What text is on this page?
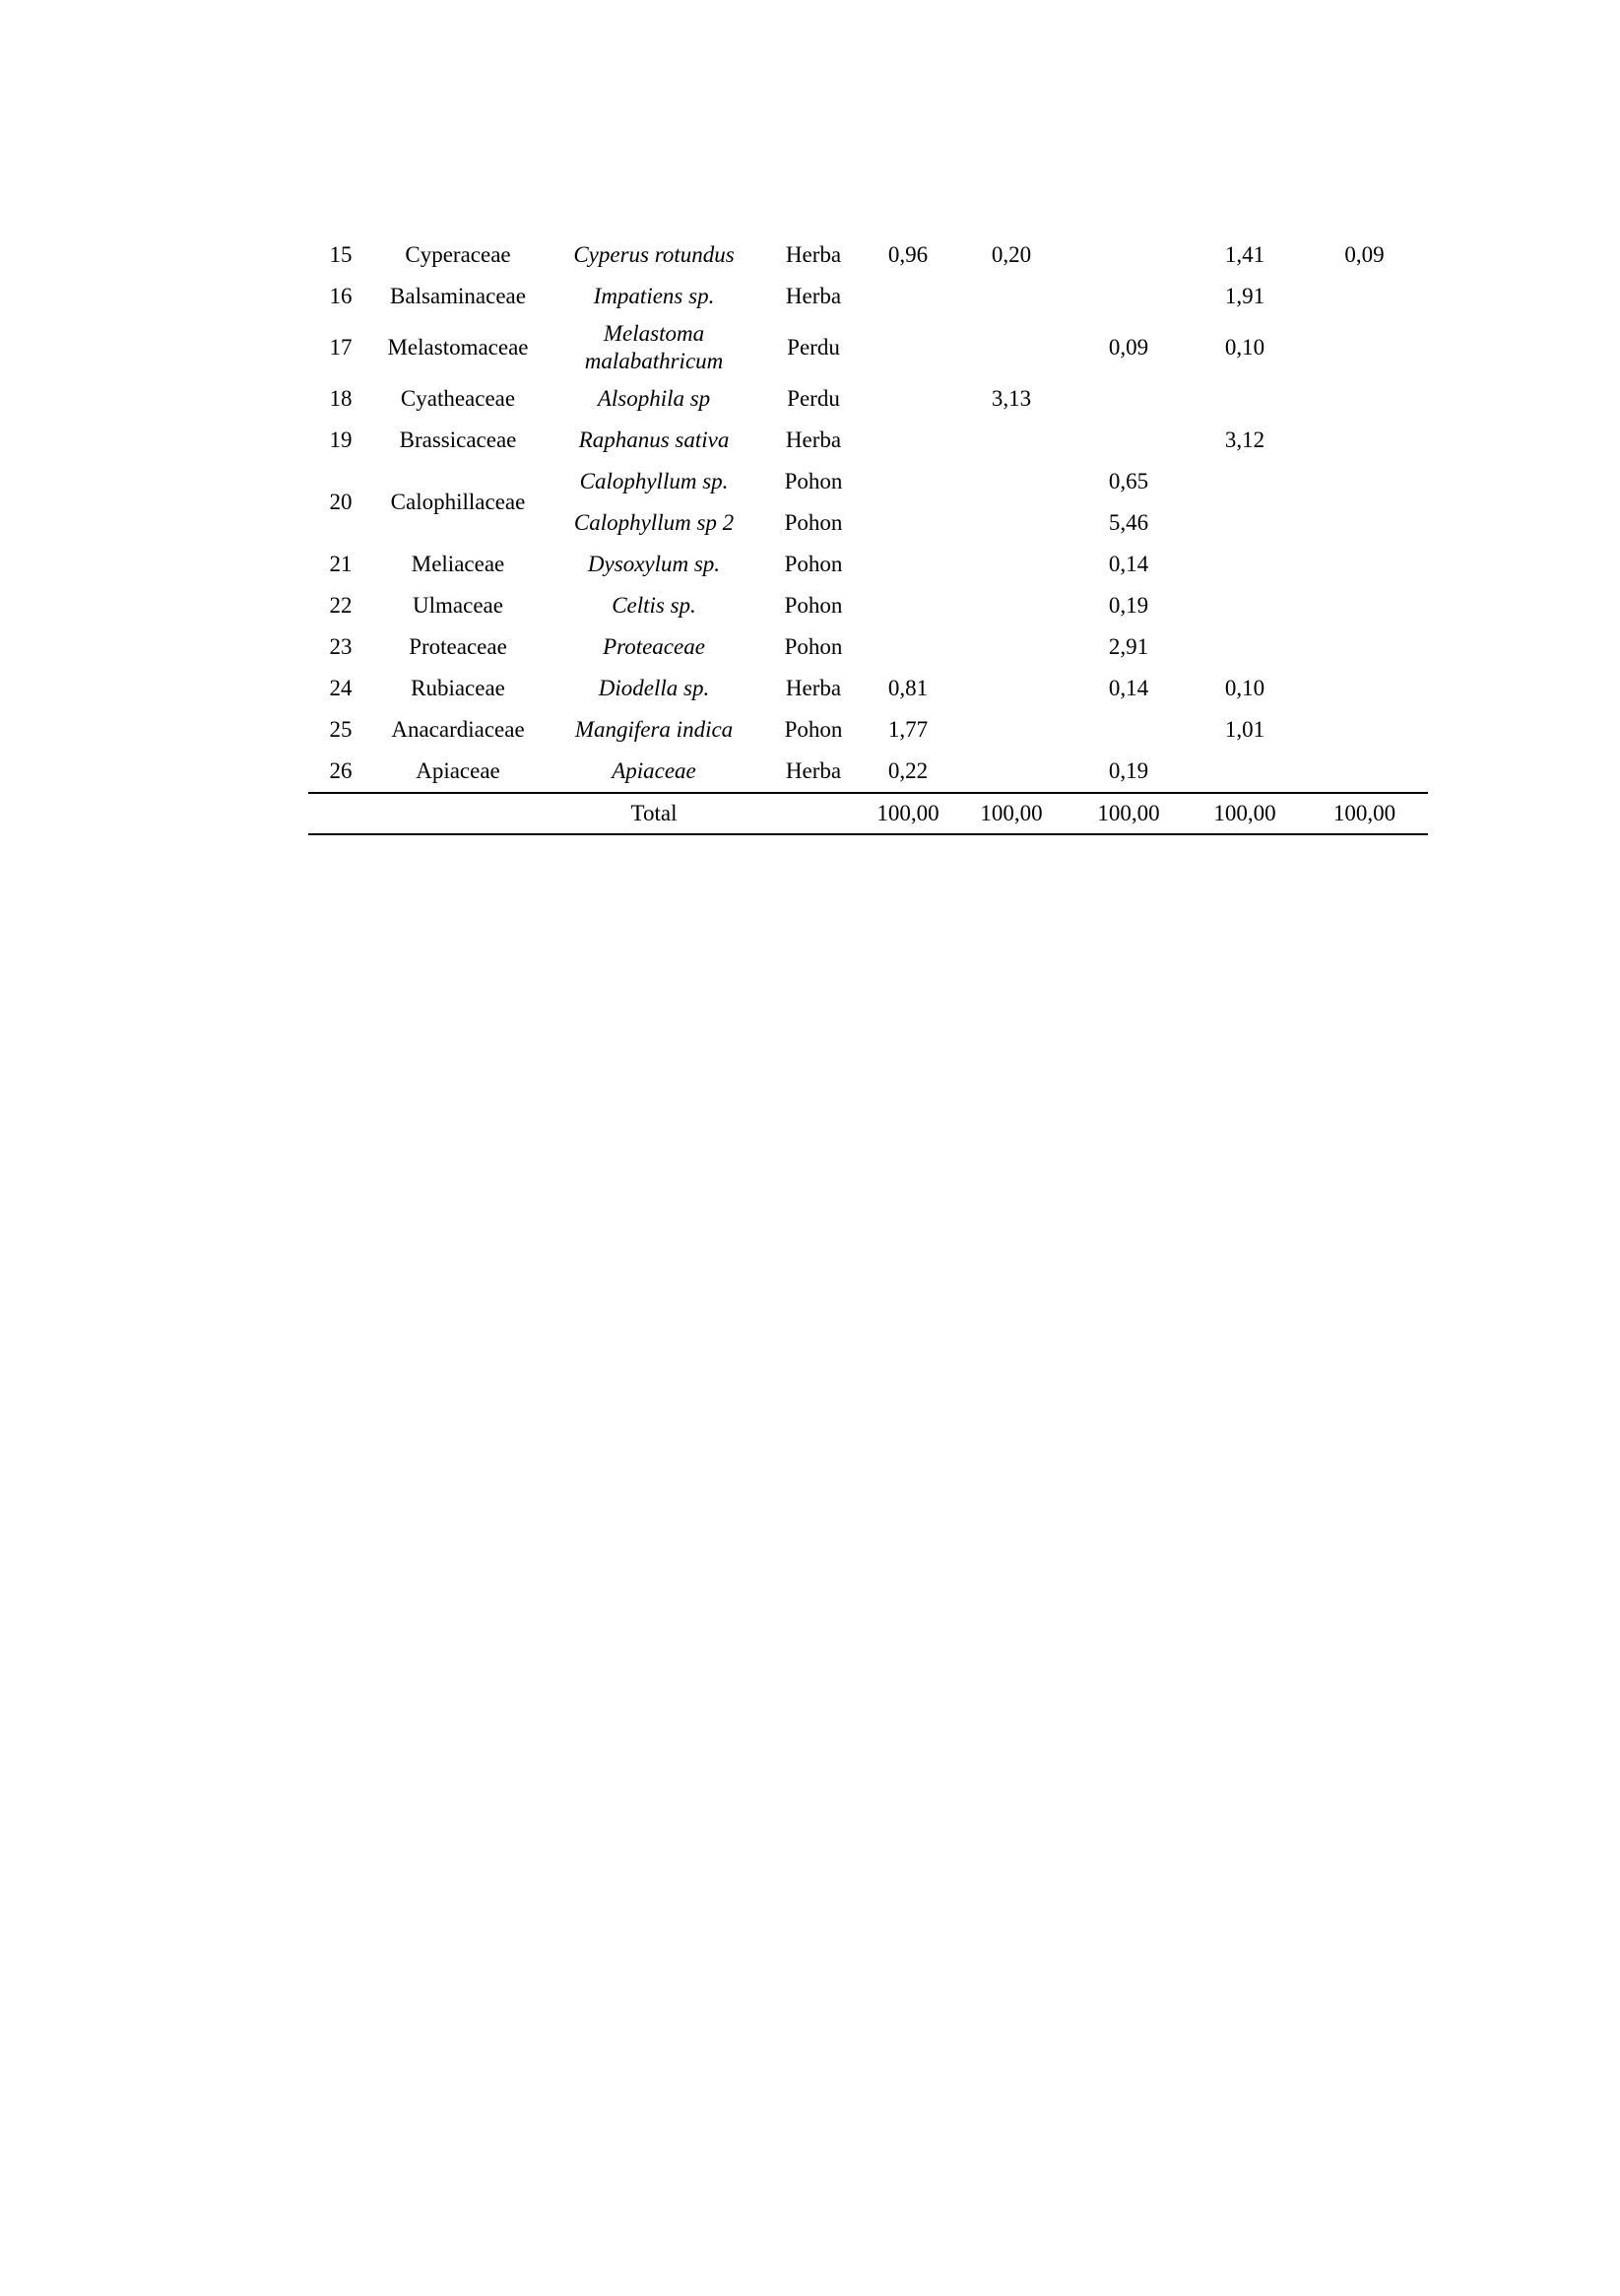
15	Cyperaceae	Cyperus rotundus	Herba	0,96	0,20		1,41	0,09
16	Balsaminaceae	Impatiens sp.	Herba				1,91	
17	Melastomaceae	Melastoma malabathricum	Perdu			0,09	0,10	
18	Cyatheaceae	Alsophila sp	Perdu		3,13			
19	Brassicaceae	Raphanus sativa	Herba				3,12	
20	Calophillaceae	Calophyllum sp.	Pohon			0,65		
		Calophyllum sp 2	Pohon			5,46		
21	Meliaceae	Dysoxylum sp.	Pohon			0,14		
22	Ulmaceae	Celtis sp.	Pohon			0,19		
23	Proteaceae	Proteaceae	Pohon			2,91		
24	Rubiaceae	Diodella sp.	Herba	0,81		0,14	0,10	
25	Anacardiaceae	Mangifera indica	Pohon	1,77			1,01	
26	Apiaceae	Apiaceae	Herba	0,22		0,19		
		Total		100,00	100,00	100,00	100,00	100,00
